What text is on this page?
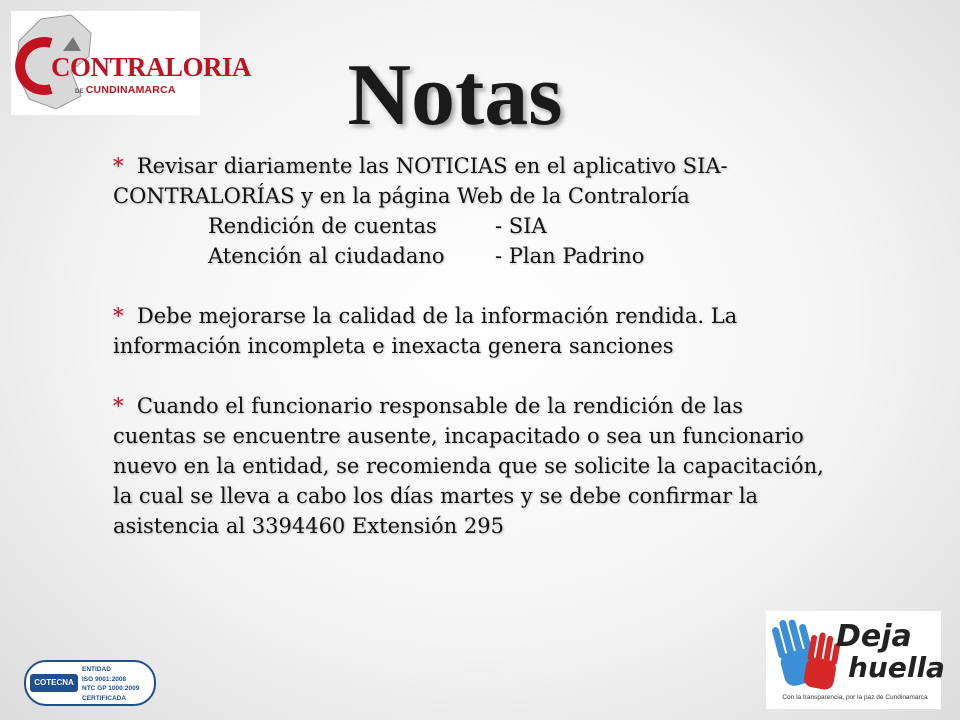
CONTRALORIA
DE CUNDINAMARCA	Notas

* Revisar diariamente las NOTICIAS en el aplicativo SIA-

CONTRALORÍAS y en la página Web de la Contraloría

Rendición de cuentas	- SIA

Atención al ciudadano - Plan Padrino

* Debe mejorarse la calidad de la información rendida. La

información incompleta e inexacta genera sanciones

* Cuando el funcionario responsable de la rendición de las

cuentas se encuentre ausente, incapacitado o sea un funcionario

nuevo en la entidad, se recomienda que se solicite la capacitación,

la cual se lleva a cabo los días martes y se debe confirmar la

asistencia al 3394460 Extensión 295

COTECNA
ENTIDAD
ISO 9001:2008
NTC GP 1000:2009
CERTIFICADA
Deja
huella
Con la transparencia, por la paz de Cundinamarca
